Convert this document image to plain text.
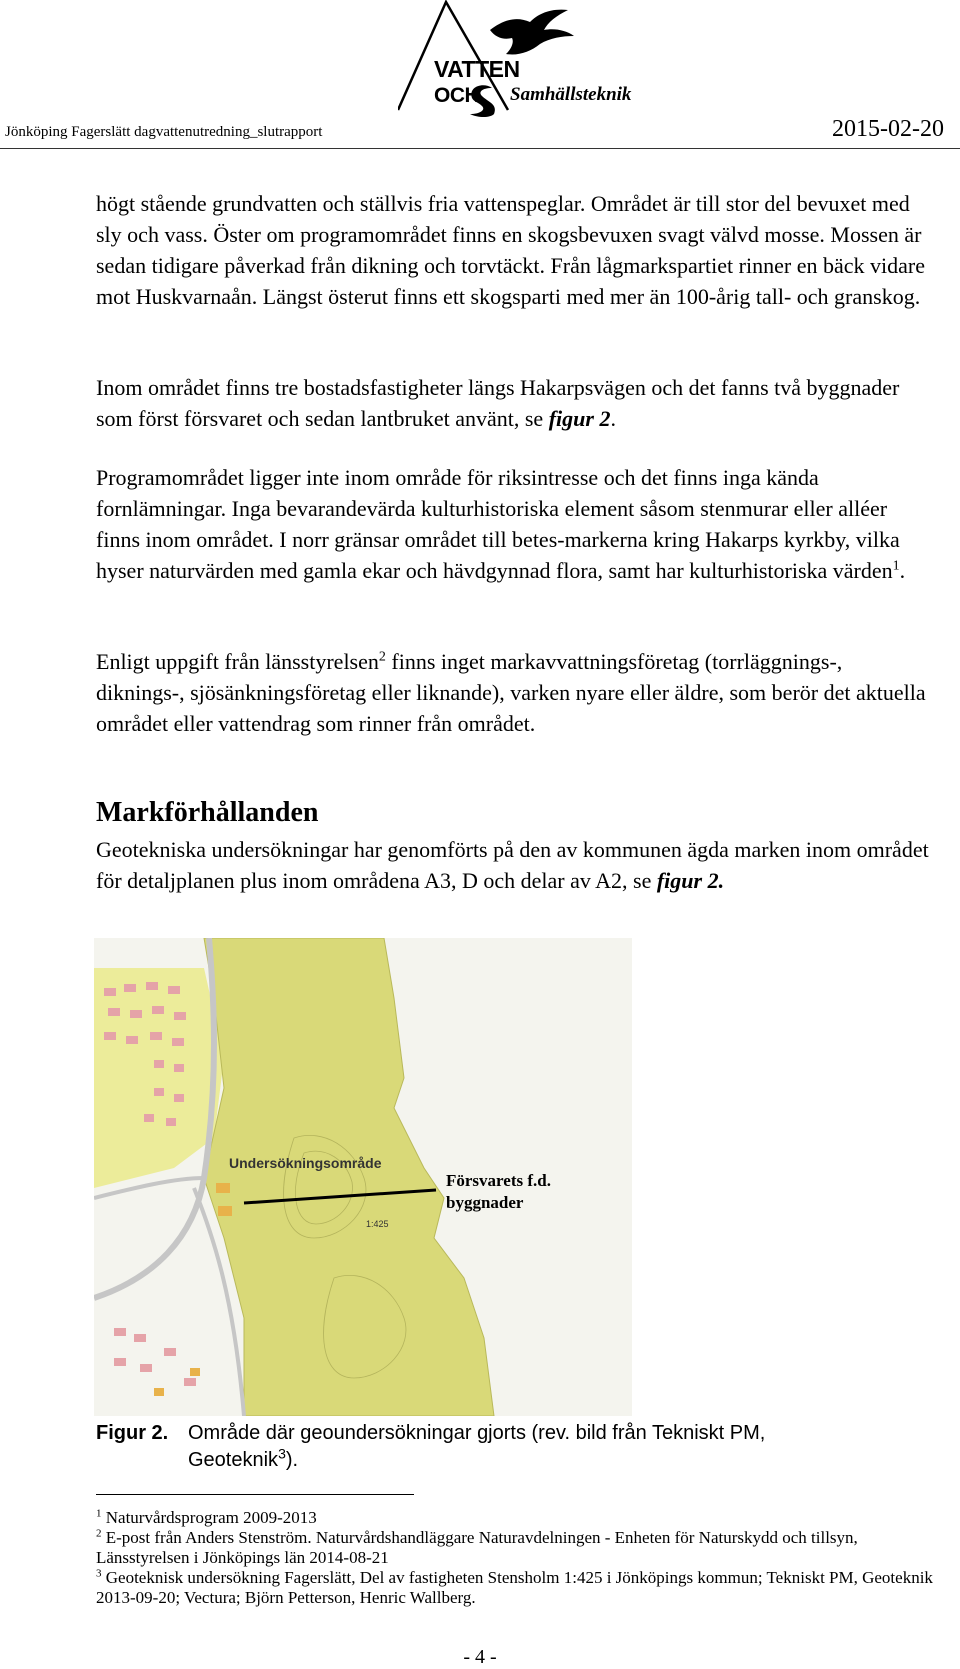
Jönköping Fagerslätt dagvattenutredning_slutrapport
VATTEN
OCH Samhällsteknik
2015-02-20

högt stående grundvatten och ställvis fria vattenspeglar. Området är till stor del bevuxet med sly och vass. Öster om programområdet finns en skogsbevuxen svagt välvd mosse. Mossen är sedan tidigare påverkad från dikning och torvtäckt. Från lågmarkspartiet rinner en bäck vidare mot Huskvarnaån. Längst österut finns ett skogsparti med mer än 100-årig tall- och granskog.

Inom området finns tre bostadsfastigheter längs Hakarpsvägen och det fanns två byggnader som först försvaret och sedan lantbruket använt, se figur 2.

Programområdet ligger inte inom område för riksintresse och det finns inga kända fornlämningar. Inga bevarandevärda kulturhistoriska element såsom stenmurar eller alléer finns inom området. I norr gränsar området till betes-markerna kring Hakarps kyrkby, vilka hyser naturvärden med gamla ekar och hävdgynnad flora, samt har kulturhistoriska värden$^1$.

Enligt uppgift från länsstyrelsen$^2$ finns inget markavvattningsföretag (torrläggnings-, diknings-, sjösänkningsföretag eller liknande), varken nyare eller äldre, som berör det aktuella området eller vattendrag som rinner från området.

Markförhållanden

Geotekniska undersökningar har genomförts på den av kommunen ägda marken inom området för detaljplanen plus inom områdena A3, D och delar av A2, se figur 2.

Undersökningsområde
1:425
Försvarets f.d.
byggnader
Figur 2. Område där geoundersökningar gjorts (rev. bild från Tekniskt PM,
Geoteknik$^3$).
$^1$ Naturvårdsprogram 2009-2013
$^2$ E-post från Anders Stenström. Naturvårdshandläggare Naturavdelningen - Enheten för Naturskydd och tillsyn, Länsstyrelsen i Jönköpings län 2014-08-21
$^3$ Geoteknisk undersökning Fagerslätt, Del av fastigheten Stensholm 1:425 i Jönköpings kommun; Tekniskt PM, Geoteknik 2013-09-20; Vectura; Björn Petterson, Henric Wallberg.
- 4 -
